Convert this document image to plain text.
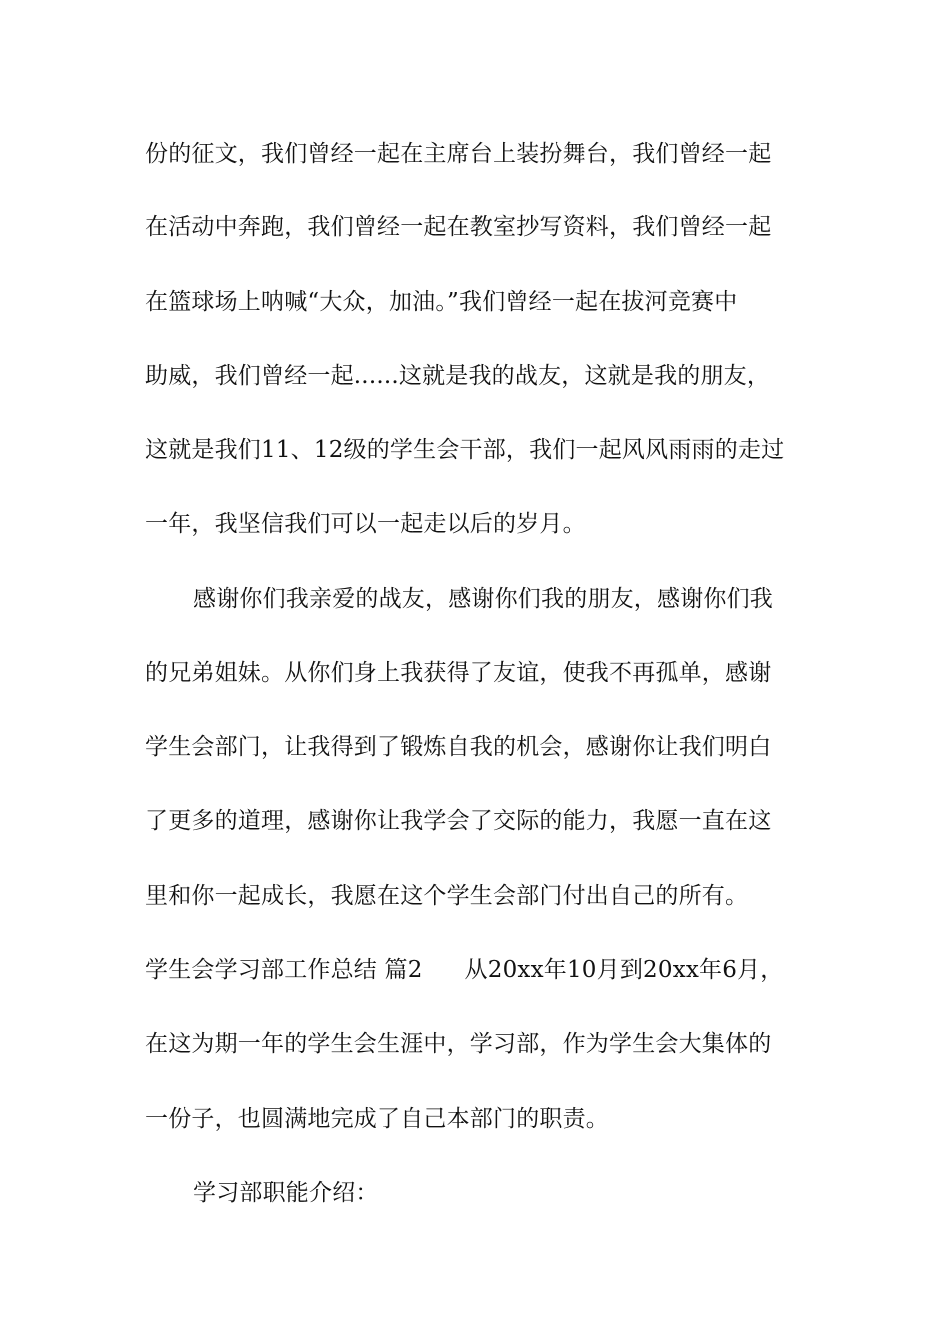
份的征文，我们曾经一起在主席台上装扮舞台，我们曾经一起
在活动中奔跑，我们曾经一起在教室抄写资料，我们曾经一起
在篮球场上呐喊“大众，加油。”我们曾经一起在拔河竞赛中
助威，我们曾经一起......这就是我的战友，这就是我的朋友，
这就是我们11、12级的学生会干部，我们一起风风雨雨的走过
一年，我坚信我们可以一起走以后的岁月。
感谢你们我亲爱的战友，感谢你们我的朋友，感谢你们我
的兄弟姐妹。从你们身上我获得了友谊，使我不再孤单，感谢
学生会部门，让我得到了锻炼自我的机会，感谢你让我们明白
了更多的道理，感谢你让我学会了交际的能力，我愿一直在这
里和你一起成长，我愿在这个学生会部门付出自己的所有。
学生会学习部工作总结 篇2 从20xx年10月到20xx年6月，
在这为期一年的学生会生涯中，学习部，作为学生会大集体的
一份子，也圆满地完成了自己本部门的职责。
学习部职能介绍：
